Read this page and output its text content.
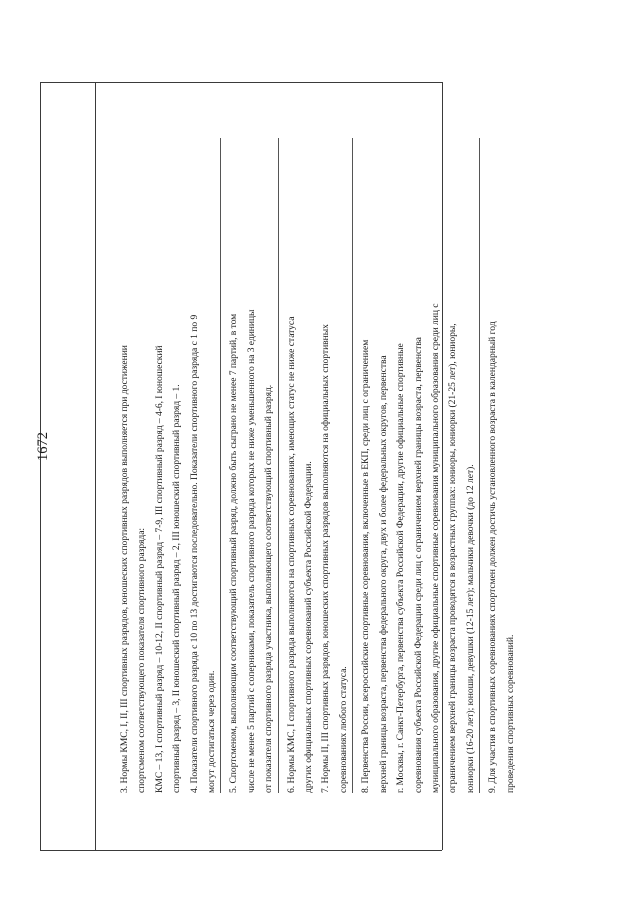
1672	3. Нормы КМС, I, II, III спортивных разрядов, юношеских спортивных разрядов выполняется при достижении спортсменом соответствующего показателя спортивного разряда: КМС – 13, I спортивный разряд – 10-12, II спортивный разряд – 7-9, III спортивный разряд – 4-6, I юношеский спортивный разряд – 3, II юношеский спортивный разряд – 2, III юношеский спортивный разряд – 1. 4. Показатели спортивного разряда с 10 по 13 достигаются последовательно. Показатели спортивного разряда с 1 по 9 могут достигаться через один.	5. Спортсменом, выполняющим соответствующий спортивный разряд, должно быть сыграно не менее 7 партий, в том числе не менее 5 партий с соперниками, показатель спортивного разряда которых не ниже уменьшенного на 3 единицы от показателя спортивного разряда участника, выполняющего соответствующий спортивный разряд.	6. Нормы КМС, I спортивного разряда выполняются на спортивных соревнованиях, имеющих статус не ниже статуса других официальных спортивных соревнований субъекта Российской Федерации. 7. Нормы II, III спортивных разрядов, юношеских спортивных разрядов выполняются на официальных спортивных соревнованиях любого статуса.	8. Первенства России, всероссийские спортивные соревнования, включенные в ЕКП, среди лиц с ограничением верхней границы возраста, первенства федерального округа, двух и более федеральных округов, первенства г. Москвы, г. Санкт-Петербурга, первенства субъекта Российской Федерации, другие официальные спортивные соревнования субъекта Российской Федерации среди лиц с ограничением верхней границы возраста, первенства муниципального образования, другие официальные спортивные соревнования муниципального образования среди лиц с ограничением верхней границы возраста проводятся в возрастных группах: юниоры, юниорки (21-25 лет), юниоры, юниорки (16-20 лет); юноши, девушки (12-15 лет); мальчики девочки (до 12 лет).	9. Для участия в спортивных соревнованиях спортсмен должен достичь установленного возраста в календарный год проведения спортивных соревнований.
